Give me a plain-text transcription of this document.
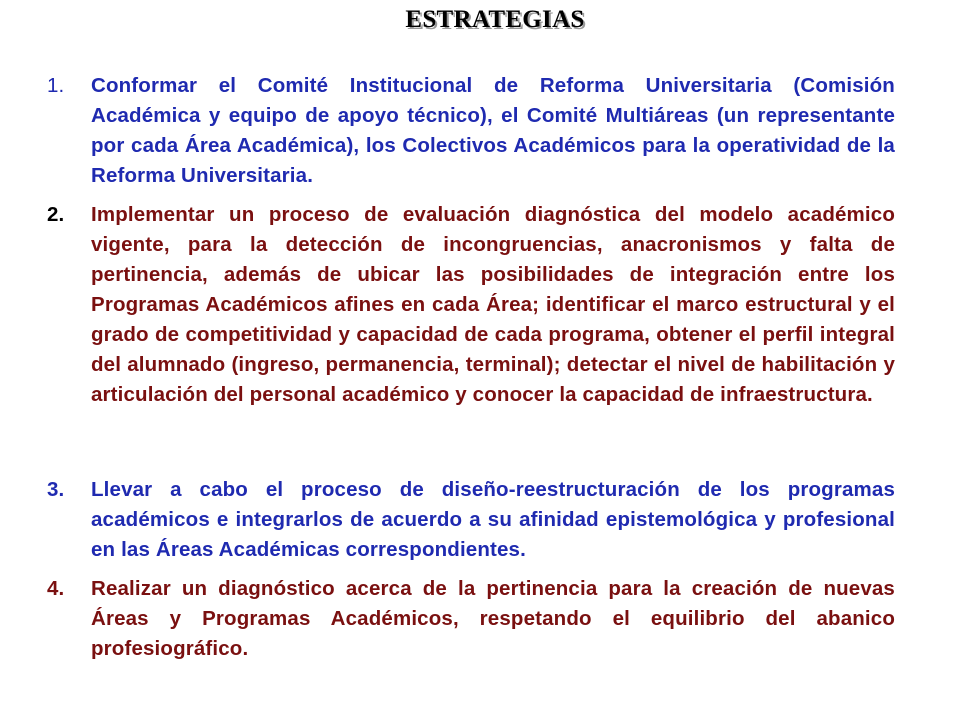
ESTRATEGIAS
1. Conformar el Comité Institucional de Reforma Universitaria (Comisión Académica y equipo de apoyo técnico), el Comité Multiáreas (un representante por cada Área Académica), los Colectivos Académicos para la operatividad de la Reforma Universitaria.
2. Implementar un proceso de evaluación diagnóstica del modelo académico vigente, para la detección de incongruencias, anacronismos y falta de pertinencia, además de ubicar las posibilidades de integración entre los Programas Académicos afines en cada Área; identificar el marco estructural y el grado de competitividad y capacidad de cada programa, obtener el perfil integral del alumnado (ingreso, permanencia, terminal); detectar el nivel de habilitación y articulación del personal académico y conocer la capacidad de infraestructura.
3. Llevar a cabo el proceso de diseño-reestructuración de los programas académicos e integrarlos de acuerdo a su afinidad epistemológica y profesional en las Áreas Académicas correspondientes.
4. Realizar un diagnóstico acerca de la pertinencia para la creación de nuevas Áreas y Programas Académicos, respetando el equilibrio del abanico profesiográfico.
